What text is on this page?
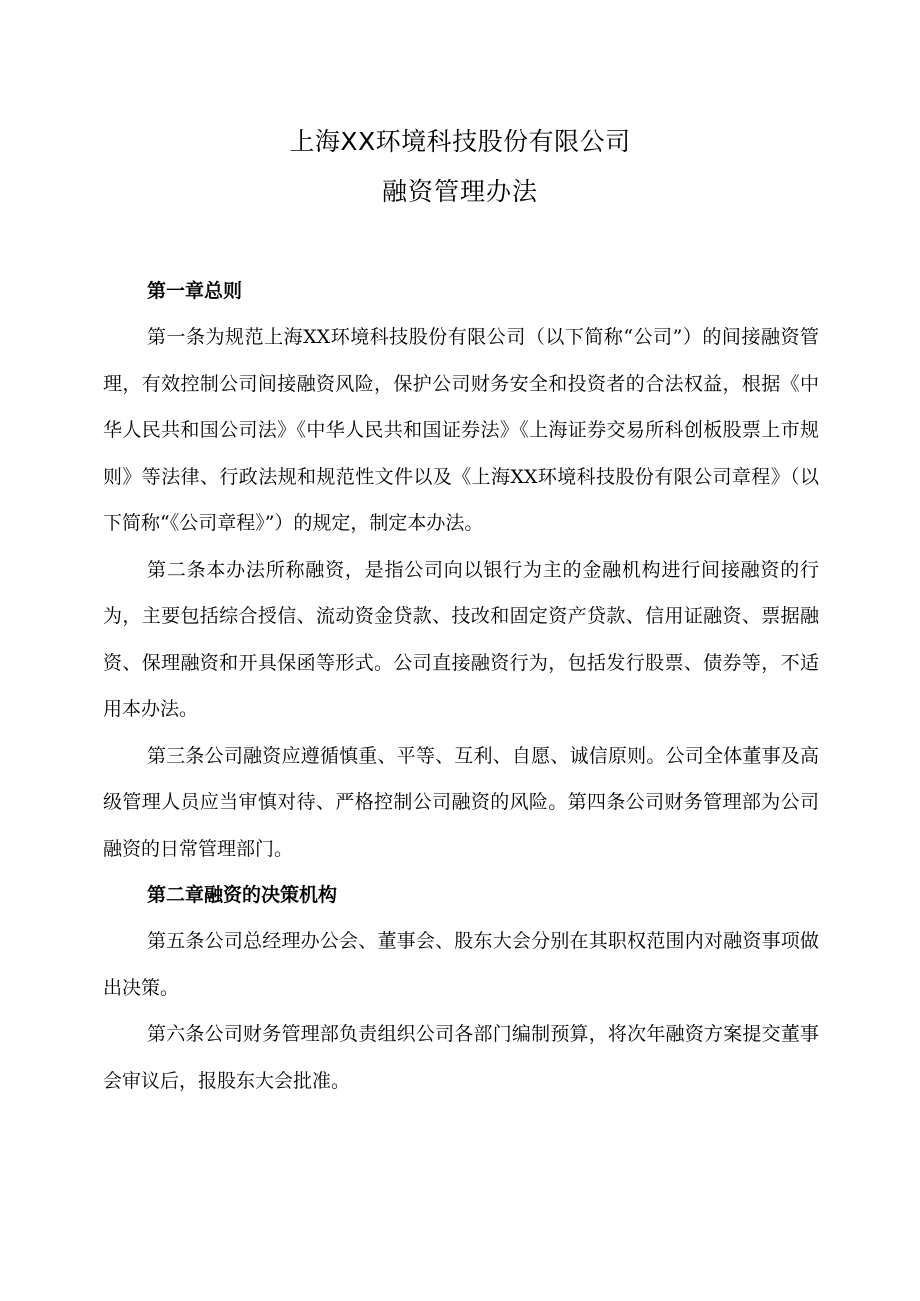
上海XX环境科技股份有限公司
融资管理办法

第一章总则

第一条为规范上海XX环境科技股份有限公司（以下简称“公司”）的间接融资管理，有效控制公司间接融资风险，保护公司财务安全和投资者的合法权益，根据《中华人民共和国公司法》《中华人民共和国证券法》《上海证券交易所科创板股票上市规则》等法律、行政法规和规范性文件以及《上海XX环境科技股份有限公司章程》（以下简称“《公司章程》”）的规定，制定本办法。

第二条本办法所称融资，是指公司向以银行为主的金融机构进行间接融资的行为，主要包括综合授信、流动资金贷款、技改和固定资产贷款、信用证融资、票据融资、保理融资和开具保函等形式。公司直接融资行为，包括发行股票、债券等，不适用本办法。

第三条公司融资应遵循慎重、平等、互利、自愿、诚信原则。公司全体董事及高级管理人员应当审慎对待、严格控制公司融资的风险。第四条公司财务管理部为公司融资的日常管理部门。

第二章融资的决策机构

第五条公司总经理办公会、董事会、股东大会分别在其职权范围内对融资事项做出决策。

第六条公司财务管理部负责组织公司各部门编制预算，将次年融资方案提交董事会审议后，报股东大会批准。
